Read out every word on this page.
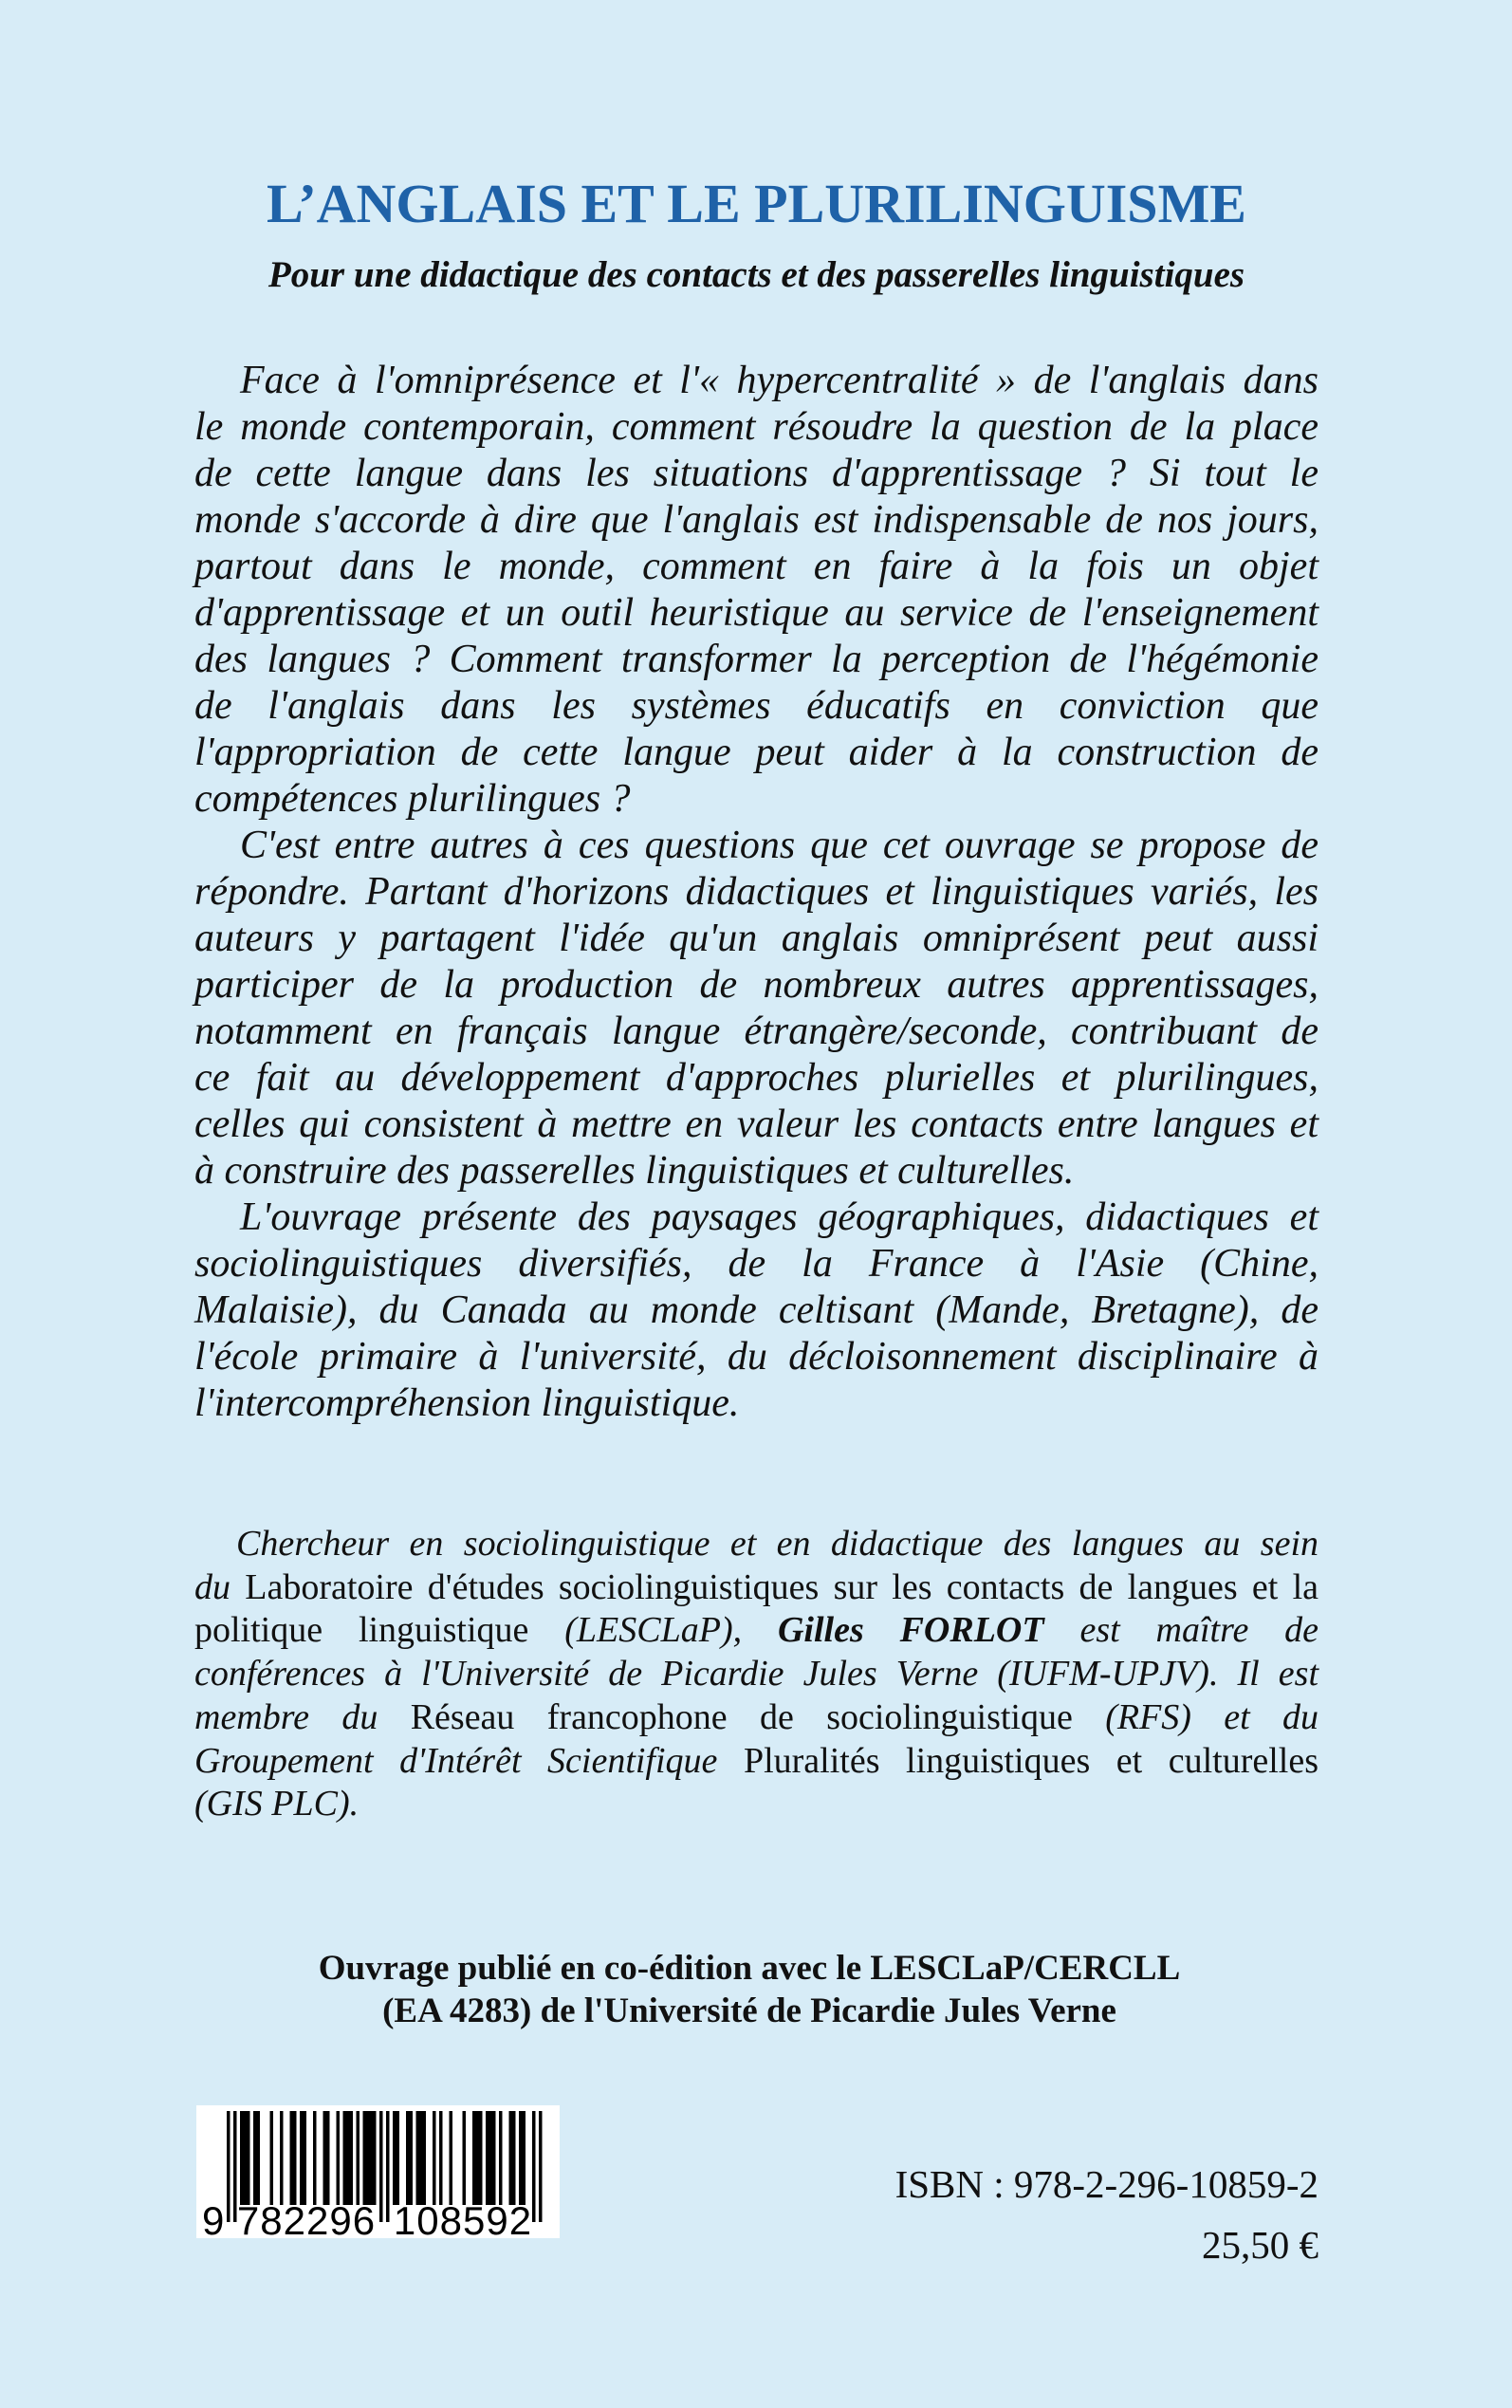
L’ANGLAIS ET LE PLURILINGUISME
Pour une didactique des contacts et des passerelles linguistiques
Face à l'omniprésence et l'« hypercentralité » de l'anglais dans
le monde contemporain, comment résoudre la question de la place
de cette langue dans les situations d'apprentissage ? Si tout le
monde s'accorde à dire que l'anglais est indispensable de nos jours,
partout dans le monde, comment en faire à la fois un objet
d'apprentissage et un outil heuristique au service de l'enseignement
des langues ? Comment transformer la perception de l'hégémonie
de l'anglais dans les systèmes éducatifs en conviction que
l'appropriation de cette langue peut aider à la construction de
compétences plurilingues ?
C'est entre autres à ces questions que cet ouvrage se propose de
répondre. Partant d'horizons didactiques et linguistiques variés, les
auteurs y partagent l'idée qu'un anglais omniprésent peut aussi
participer de la production de nombreux autres apprentissages,
notamment en français langue étrangère/seconde, contribuant de
ce fait au développement d'approches plurielles et plurilingues,
celles qui consistent à mettre en valeur les contacts entre langues et
à construire des passerelles linguistiques et culturelles.
L'ouvrage présente des paysages géographiques, didactiques et
sociolinguistiques diversifiés, de la France à l'Asie (Chine,
Malaisie), du Canada au monde celtisant (Mande, Bretagne), de
l'école primaire à l'université, du décloisonnement disciplinaire à
l'intercompréhension linguistique.
Chercheur en sociolinguistique et en didactique des langues au sein
du Laboratoire d'études sociolinguistiques sur les contacts de langues et la
politique linguistique (LESCLaP), Gilles FORLOT est maître de
conférences à l'Université de Picardie Jules Verne (IUFM-UPJV). Il est
membre du Réseau francophone de sociolinguistique (RFS) et du
Groupement d'Intérêt Scientifique Pluralités linguistiques et culturelles
(GIS PLC).
Ouvrage publié en co-édition avec le LESCLaP/CERCLL
(EA 4283) de l'Université de Picardie Jules Verne
9 782296 108592
ISBN : 978-2-296-10859-2
25,50 €
